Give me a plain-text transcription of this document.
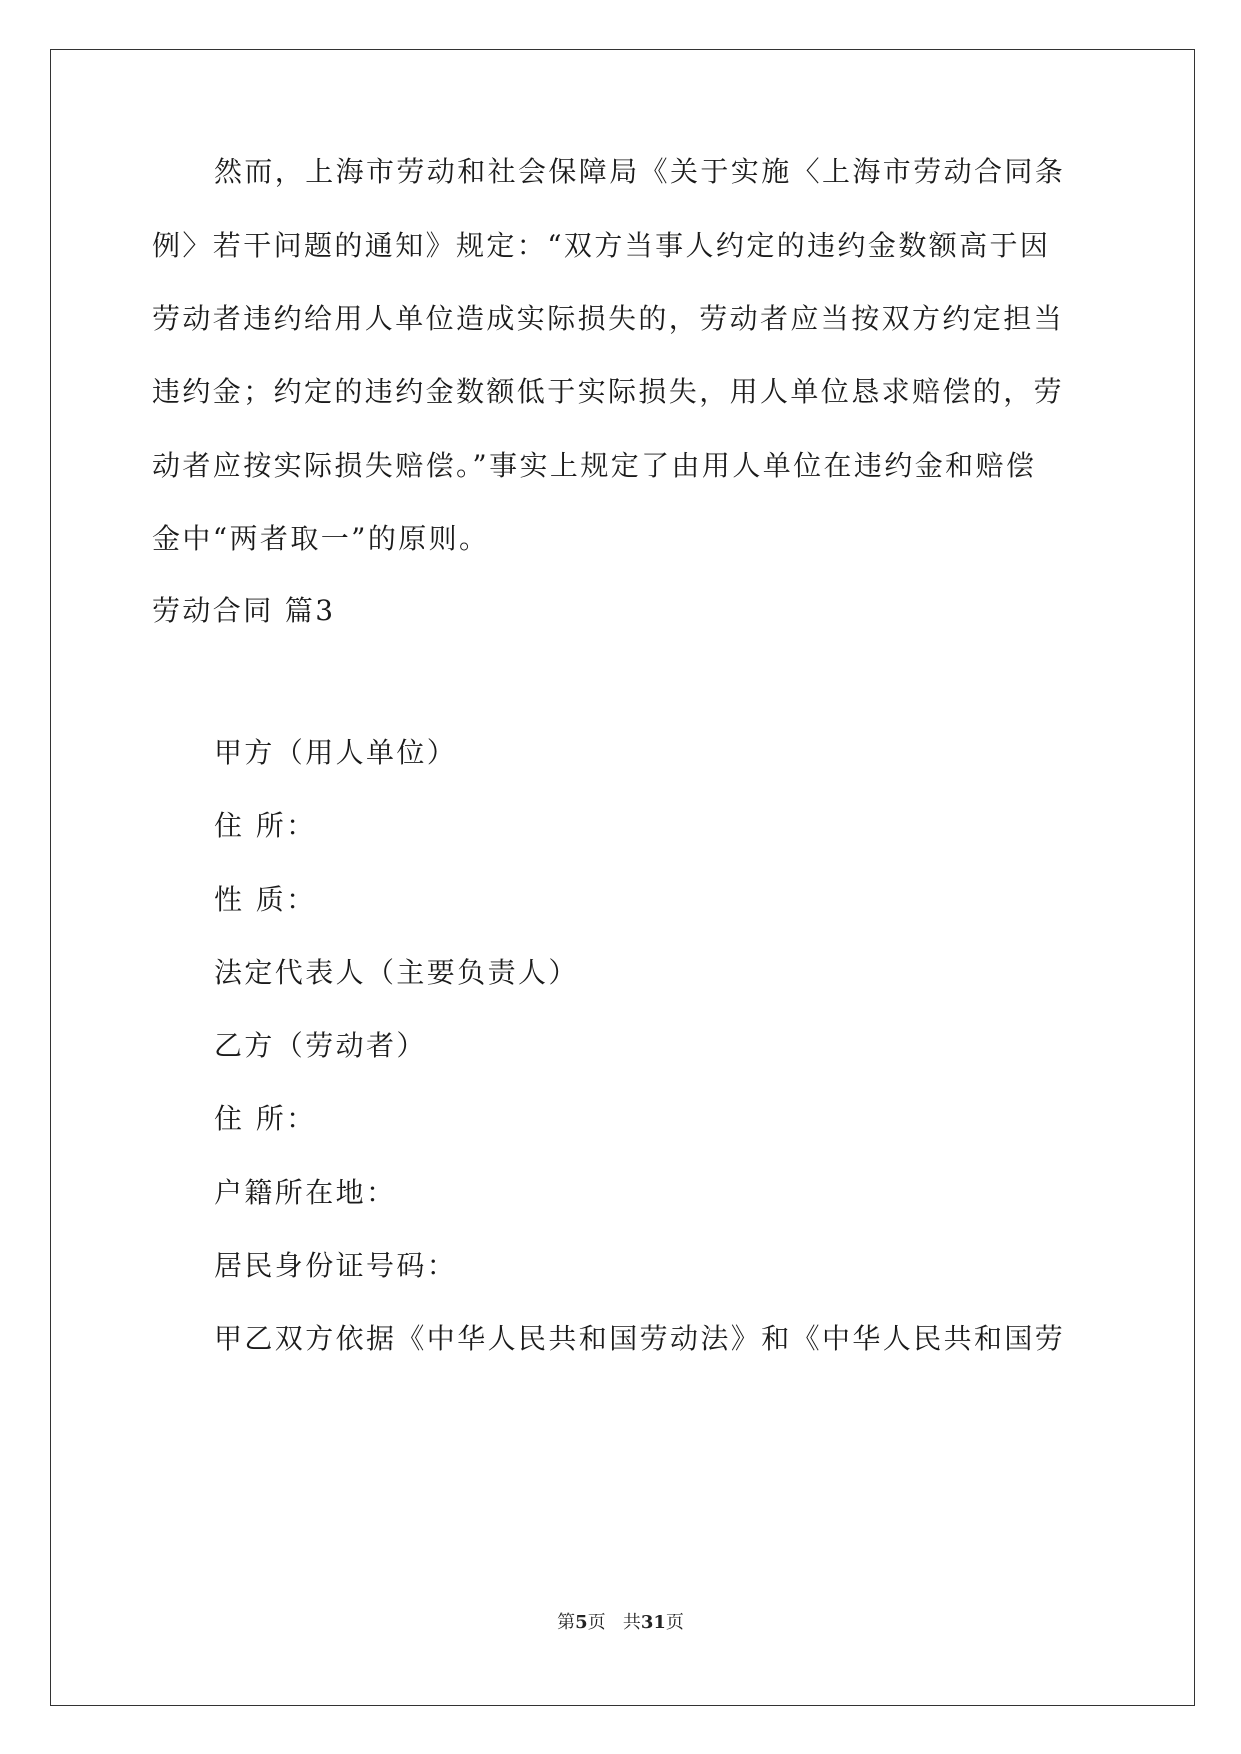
然而，上海市劳动和社会保障局《关于实施〈上海市劳动合同条
例〉若干问题的通知》规定：“双方当事人约定的违约金数额高于因
劳动者违约给用人单位造成实际损失的，劳动者应当按双方约定担当
违约金；约定的违约金数额低于实际损失，用人单位恳求赔偿的，劳
动者应按实际损失赔偿。”事实上规定了由用人单位在违约金和赔偿
金中“两者取一”的原则。
劳动合同 篇3
甲方（用人单位）
住 所：
性 质：
法定代表人（主要负责人）
乙方（劳动者）
住 所：
户籍所在地：
居民身份证号码：
甲乙双方依据《中华人民共和国劳动法》和《中华人民共和国劳
第5页 共31页
